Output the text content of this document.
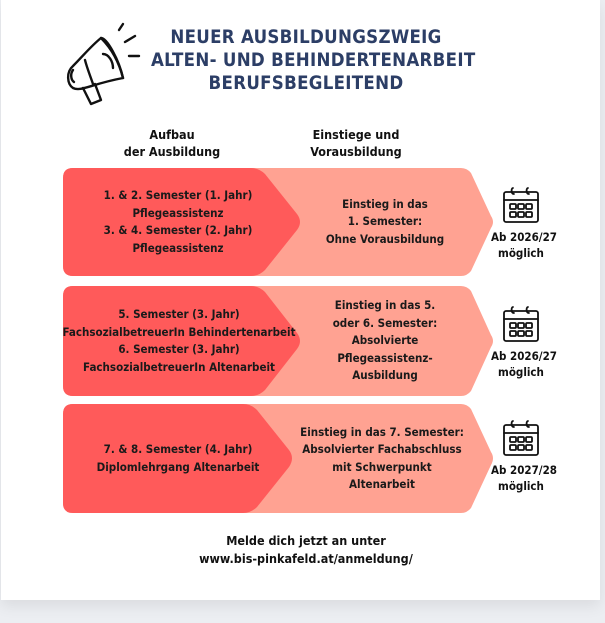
NEUER AUSBILDUNGSZWEIG
ALTEN- UND BEHINDERTENARBEIT
BERUFSBEGLEITEND
Aufbau
der Ausbildung
Einstiege und
Vorausbildung
1. & 2. Semester (1. Jahr)
Pflegeassistenz
3. & 4. Semester (2. Jahr)
Pflegeassistenz
Einstieg in das
1. Semester:
Ohne Vorausbildung	Ab 2026/27
möglich
5. Semester (3. Jahr)
FachsozialbetreuerIn Behindertenarbeit
6. Semester (3. Jahr)
FachsozialbetreuerIn Altenarbeit
Einstieg in das 5.
oder 6. Semester:
Absolvierte
Pflegeassistenz-
Ausbildung
Ab 2026/27
möglich
7. & 8. Semester (4. Jahr)
Diplomlehrgang Altenarbeit
Einstieg in das 7. Semester:
Absolvierter Fachabschluss
mit Schwerpunkt
Altenarbeit
Ab 2027/28
möglich
Melde dich jetzt an unter
www.bis-pinkafeld.at/anmeldung/
